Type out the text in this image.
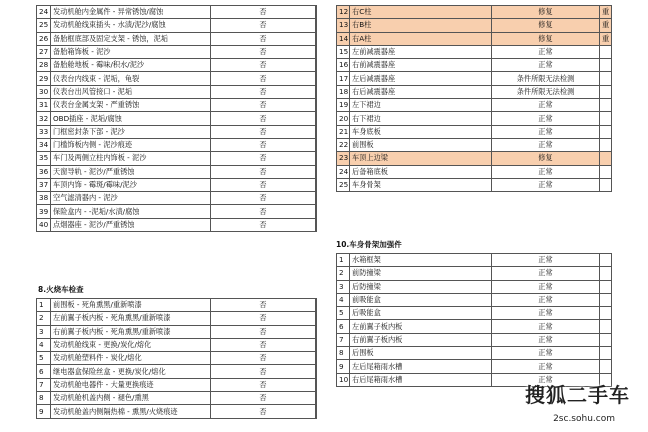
24	发动机舱内金属件 - 异常锈蚀/腐蚀	否	
25	发动机舱线束插头 - 水渍/泥沙/腐蚀	否	
26	备胎框底部及固定支架 - 锈蚀，泥垢	否	
27	备胎箱饰板 - 泥沙	否	
28	备胎舱地板 - 霉味/积水/泥沙	否	
29	仪表台内线束 - 泥垢，龟裂	否	
30	仪表台出风管接口 - 泥垢	否	
31	仪表台金属支架 - 严重锈蚀	否	
32	OBD插座 - 泥垢/腐蚀	否	
33	门框密封条下部 - 泥沙	否	
34	门槛饰板内侧 - 泥沙痕迹	否	
35	车门及两侧立柱内饰板 - 泥沙	否	
36	天窗导轨 - 泥沙/严重锈蚀	否	
37	车顶内饰 - 霉斑/霉味/泥沙	否	
38	空气滤清器内 - 泥沙	否	
39	保险盒内 - -泥垢/水渍/腐蚀	否	
40	点烟器座 - 泥沙/严重锈蚀	否	
8.火烧车检查
1	前围板 - 死角熏黑/重新喷漆	否	
2	左前翼子板内板 - 死角熏黑/重新喷漆	否	
3	右前翼子板内板 - 死角熏黑/重新喷漆	否	
4	发动机舱线束 - 更换/炭化/熔化	否	
5	发动机舱塑料件 - 炭化/熔化	否	
6	继电器盒保险丝盒 - 更换/炭化/熔化	否	
7	发动机舱电器件 - 大量更换痕迹	否	
8	发动机舱机盖内侧 - 褪色/熏黑	否	
9	发动机舱盖内侧隔热棉 - 熏黑/火烧痕迹	否	
12	右C柱	修复	重
13	右B柱	修复	重
14	右A柱	修复	重
15	左前减震器座	正常	
16	右前减震器座	正常	
17	左后减震器座	条件所限无法检测	
18	右后减震器座	条件所限无法检测	
19	左下裙边	正常	
20	右下裙边	正常	
21	车身底板	正常	
22	前围板	正常	
23	车顶上边梁	修复	
24	后备箱底板	正常	
25	车身骨架	正常	
10.车身骨架加强件
1	水箱框架	正常	
2	前防撞梁	正常	
3	后防撞梁	正常	
4	前吸能盒	正常	
5	后吸能盒	正常	
6	左前翼子板内板	正常	
7	右前翼子板内板	正常	
8	后围板	正常	
9	左后尾箱雨水槽	正常	
10	右后尾箱雨水槽	正常	
搜狐二手车
2sc.sohu.com
